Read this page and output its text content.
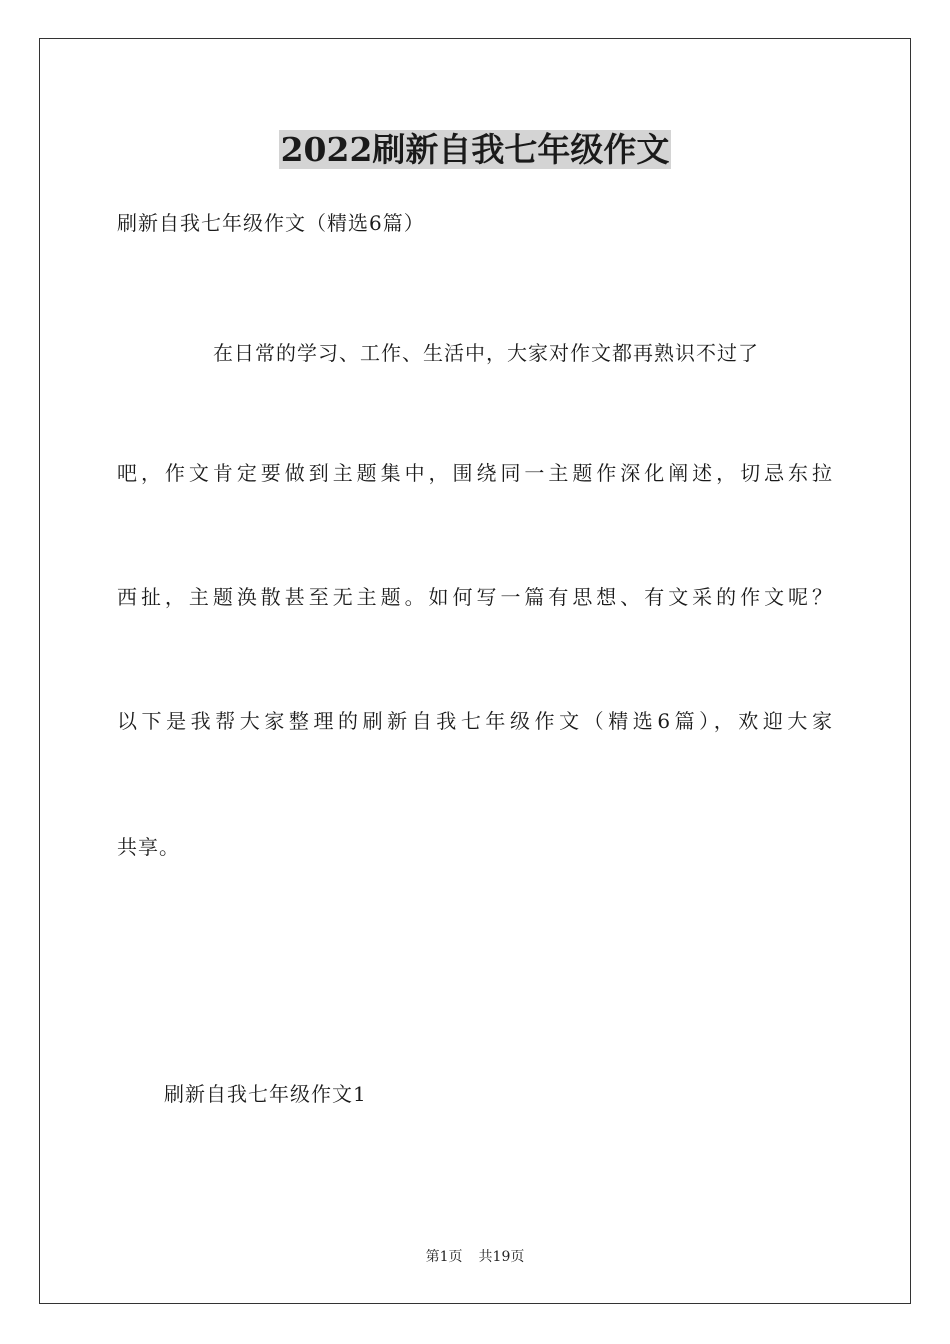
2022刷新自我七年级作文
刷新自我七年级作文（精选6篇）
在日常的学习、工作、生活中，大家对作文都再熟识不过了
吧，作文肯定要做到主题集中，围绕同一主题作深化阐述，切忌东拉
西扯，主题涣散甚至无主题。如何写一篇有思想、有文采的作文呢？
以下是我帮大家整理的刷新自我七年级作文（精选6篇），欢迎大家
共享。
刷新自我七年级作文1
第1页 共19页
